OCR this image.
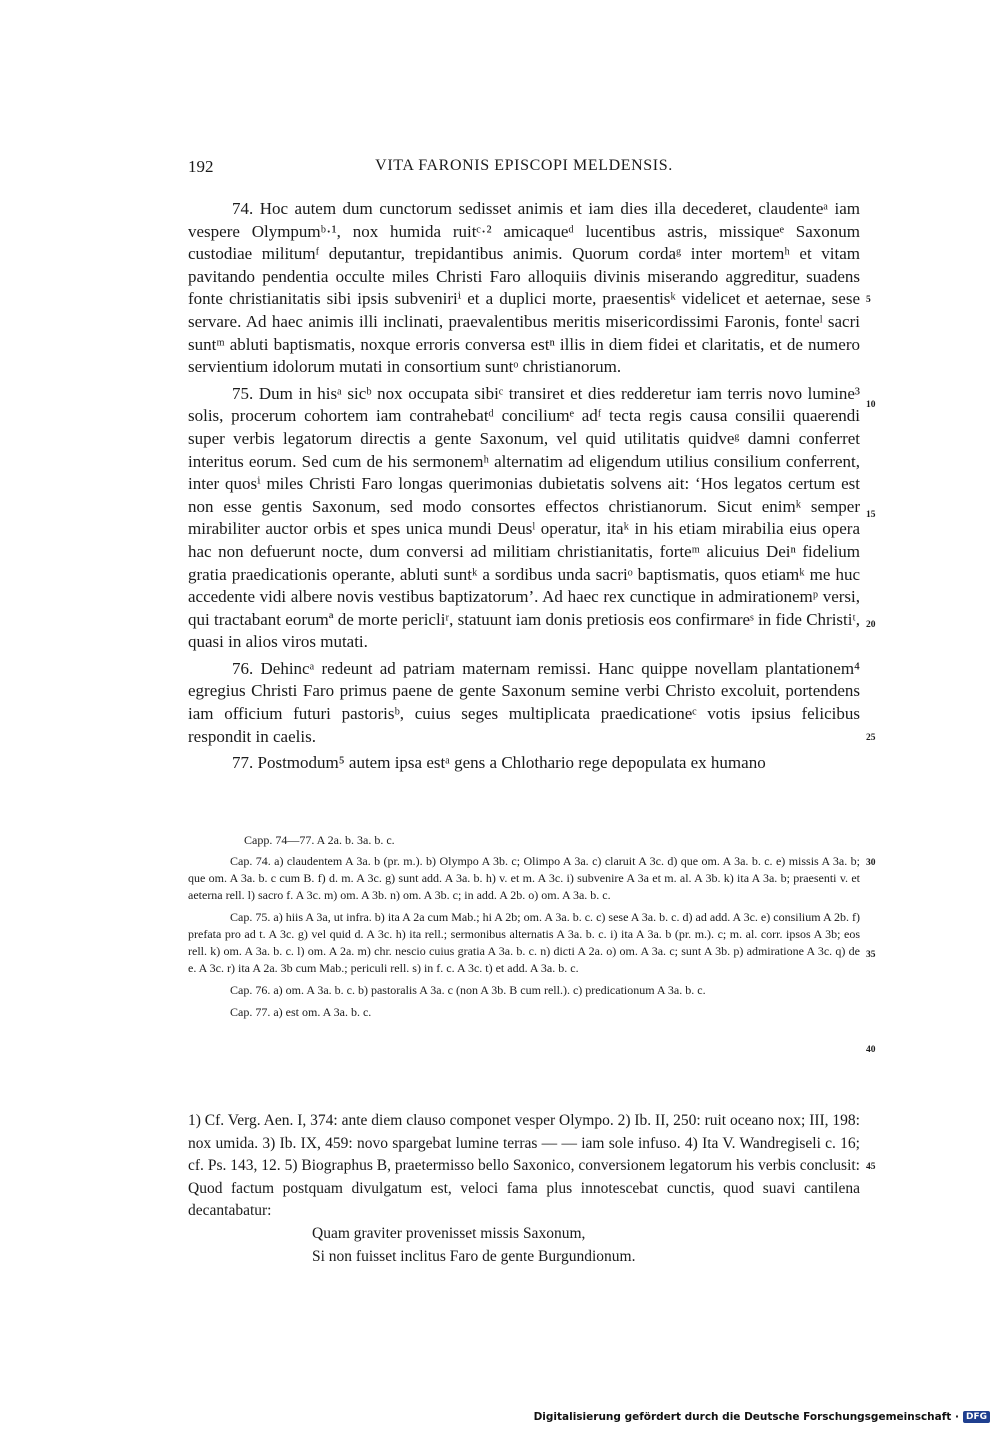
192	VITA FARONIS EPISCOPI MELDENSIS.

74. Hoc autem dum cunctorum sedisset animis et iam dies illa decederet, claudenteᵃ iam vespere Olympumᵇ·¹, nox humida ruitᶜ·² amicaqueᵈ lucentibus astris, missiqueᵉ Saxonum custodiae militumᶠ deputantur, trepidantibus animis. Quorum cordaᵍ inter mortemʰ et vitam pavitando pendentia occulte miles Christi Faro alloquiis divinis miserando aggreditur, suadens fonte christianitatis sibi ipsis subveniriⁱ et a duplici morte, praesentisᵏ videlicet et aeternae, sese servare. Ad haec animis illi inclinati, praevalentibus meritis misericordissimi Faronis, fonteˡ sacri suntᵐ abluti baptismatis, noxque erroris conversa estⁿ illis in diem fidei et claritatis, et de numero servientium idolorum mutati in consortium suntᵒ christianorum.

75. Dum in hisᵃ sicᵇ nox occupata sibiᶜ transiret et dies redderetur iam terris novo lumine³ solis, procerum cohortem iam contrahebatᵈ conciliumᵉ adᶠ tecta regis causa consilii quaerendi super verbis legatorum directis a gente Saxonum, vel quid utilitatis quidveᵍ damni conferret interitus eorum. Sed cum de his sermonemʰ alternatim ad eligendum utilius consilium conferrent, inter quosⁱ miles Christi Faro longas querimonias dubietatis solvens ait: ‘Hos legatos certum est non esse gentis Saxonum, sed modo consortes effectos christianorum. Sicut enimᵏ semper mirabiliter auctor orbis et spes unica mundi Deusˡ operatur, itaᵏ in his etiam mirabilia eius opera hac non defuerunt nocte, dum conversi ad militiam christianitatis, forteᵐ alicuius Deiⁿ fidelium gratia praedicationis operante, abluti suntᵏ a sordibus unda sacriᵒ baptismatis, quos etiamᵏ me huc accedente vidi albere novis vestibus baptizatorum’. Ad haec rex cunctique in admirationemᵖ versi, qui tractabant eorumª de morte pericliʳ, statuunt iam donis pretiosis eos confirmareˢ in fide Christiᵗ, quasi in alios viros mutati.

76. Dehincᵃ redeunt ad patriam maternam remissi. Hanc quippe novellam plantationem⁴ egregius Christi Faro primus paene de gente Saxonum semine verbi Christo excoluit, portendens iam officium futuri pastorisᵇ, cuius seges multiplicata praedicationeᶜ votis ipsius felicibus respondit in caelis.

77. Postmodum⁵ autem ipsa estᵃ gens a Chlothario rege depopulata ex humano

5
10
15
20
25

Capp. 74—77. A 2a. b. 3a. b. c.

Cap. 74. a) claudentem A 3a. b (pr. m.). b) Olympo A 3b. c; Olimpo A 3a. c) claruit A 3c. d) que om. A 3a. b. c. e) missis A 3a. b; que om. A 3a. b. c cum B. f) d. m. A 3c. g) sunt add. A 3a. b. h) v. et m. A 3c. i) subvenire A 3a et m. al. A 3b. k) ita A 3a. b; praesenti v. et aeterna rell. l) sacro f. A 3c. m) om. A 3b. n) om. A 3b. c; in add. A 2b. o) om. A 3a. b. c.

Cap. 75. a) hiis A 3a, ut infra. b) ita A 2a cum Mab.; hi A 2b; om. A 3a. b. c. c) sese A 3a. b. c. d) ad add. A 3c. e) consilium A 2b. f) prefata pro ad t. A 3c. g) vel quid d. A 3c. h) ita rell.; sermonibus alternatis A 3a. b. c. i) ita A 3a. b (pr. m.). c; m. al. corr. ipsos A 3b; eos rell. k) om. A 3a. b. c. l) om. A 2a. m) chr. nescio cuius gratia A 3a. b. c. n) dicti A 2a. o) om. A 3a. c; sunt A 3b. p) admiratione A 3c. q) de e. A 3c. r) ita A 2a. 3b cum Mab.; periculi rell. s) in f. c. A 3c. t) et add. A 3a. b. c.

Cap. 76. a) om. A 3a. b. c. b) pastoralis A 3a. c (non A 3b. B cum rell.). c) predicationum A 3a. b. c.

Cap. 77. a) est om. A 3a. b. c.

30
35
40

1) Cf. Verg. Aen. I, 374: ante diem clauso componet vesper Olympo. 2) Ib. II, 250: ruit oceano nox; III, 198: nox umida. 3) Ib. IX, 459: novo spargebat lumine terras — — iam sole infuso. 4) Ita V. Wandregiseli c. 16; cf. Ps. 143, 12. 5) Biographus B, praetermisso bello Saxonico, conversionem legatorum his verbis conclusit: Quod factum postquam divulgatum est, veloci fama plus innotescebat cunctis, quod suavi cantilena decantabatur:

Quam graviter provenisset missis Saxonum,
Si non fuisset inclitus Faro de gente Burgundionum.
45
Digitalisierung gefördert durch die Deutsche Forschungsgemeinschaft · DFG
